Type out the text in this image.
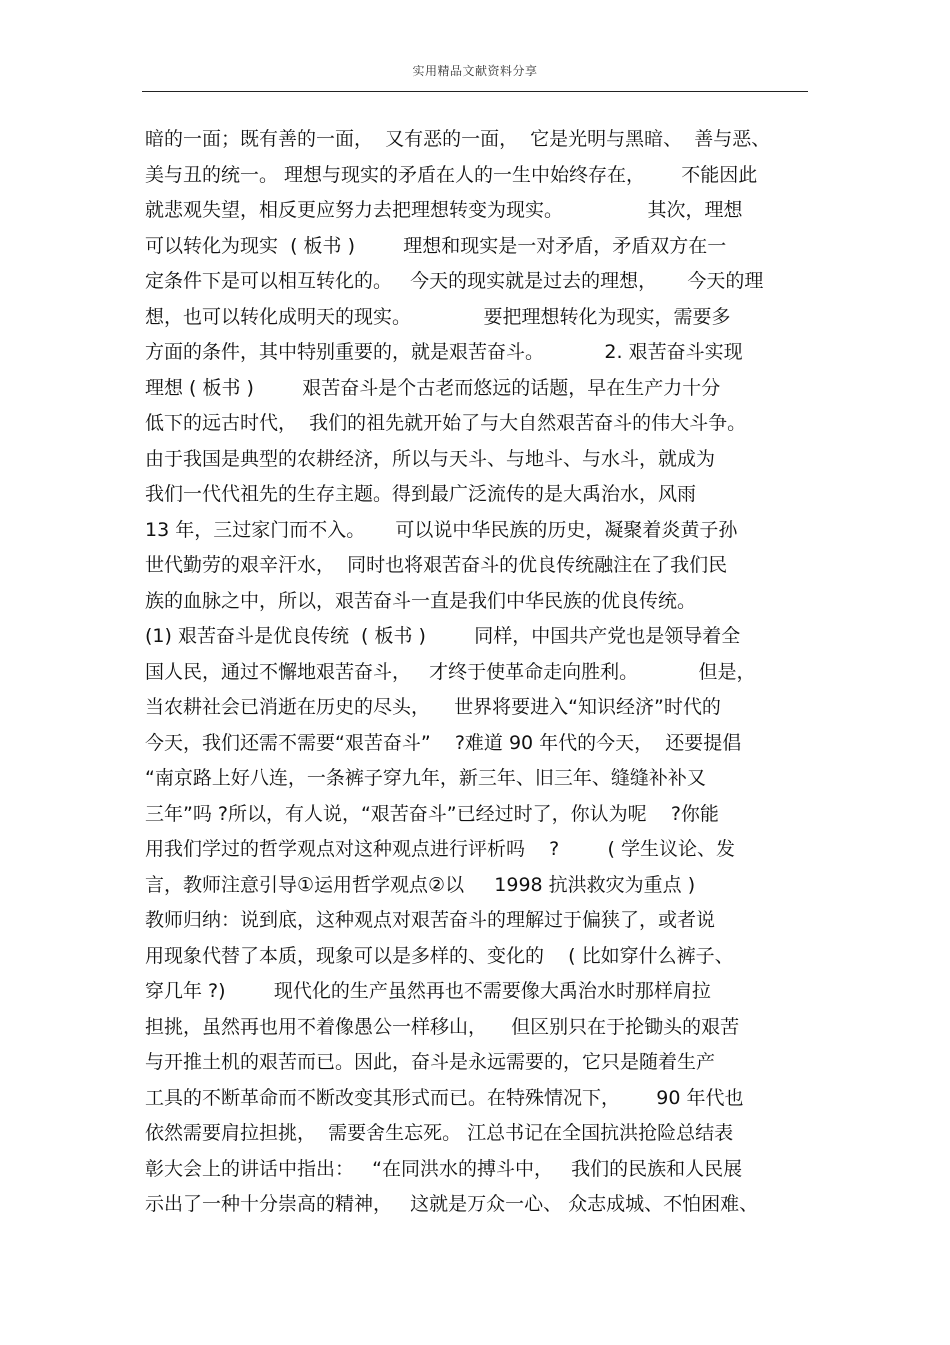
实用精品文献资料分享
暗的一面；既有善的一面，  又有恶的一面，  它是光明与黑暗、  善与恶、
美与丑的统一。 理想与现实的矛盾在人的一生中始终存在，      不能因此
就悲观失望，相反更应努力去把理想转变为现实。              其次，理想
可以转化为现实  ( 板书 )        理想和现实是一对矛盾，矛盾双方在一
定条件下是可以相互转化的。   今天的现实就是过去的理想，     今天的理
想，也可以转化成明天的现实。            要把理想转化为现实，需要多
方面的条件，其中特别重要的，就是艰苦奋斗。          2. 艰苦奋斗实现
理想 ( 板书 )        艰苦奋斗是个古老而悠远的话题，早在生产力十分
低下的远古时代，  我们的祖先就开始了与大自然艰苦奋斗的伟大斗争。
由于我国是典型的农耕经济，所以与天斗、与地斗、与水斗，就成为
我们一代代祖先的生存主题。得到最广泛流传的是大禹治水，风雨
13 年，三过家门而不入。     可以说中华民族的历史，凝聚着炎黄子孙
世代勤劳的艰辛汗水，  同时也将艰苦奋斗的优良传统融注在了我们民
族的血脉之中，所以，艰苦奋斗一直是我们中华民族的优良传统。
(1) 艰苦奋斗是优良传统  ( 板书 )        同样，中国共产党也是领导着全
国人民，通过不懈地艰苦奋斗，   才终于使革命走向胜利。          但是，
当农耕社会已消逝在历史的尽头，    世界将要进入“知识经济”时代的
今天，我们还需不需要“艰苦奋斗”    ?难道 90 年代的今天，  还要提倡
“南京路上好八连，一条裤子穿九年，新三年、旧三年、缝缝补补又
三年”吗 ?所以，有人说，“艰苦奋斗”已经过时了，你认为呢    ?你能
用我们学过的哲学观点对这种观点进行评析吗    ?        ( 学生议论、发
言，教师注意引导①运用哲学观点②以     1998 抗洪救灾为重点 )
教师归纳：说到底，这种观点对艰苦奋斗的理解过于偏狭了，或者说
用现象代替了本质，现象可以是多样的、变化的    ( 比如穿什么裤子、
穿几年 ?)        现代化的生产虽然再也不需要像大禹治水时那样肩拉
担挑，虽然再也用不着像愚公一样移山，    但区别只在于抡锄头的艰苦
与开推土机的艰苦而已。因此，奋斗是永远需要的，它只是随着生产
工具的不断革命而不断改变其形式而已。在特殊情况下，      90 年代也
依然需要肩拉担挑，  需要舍生忘死。 江总书记在全国抗洪抢险总结表
彰大会上的讲话中指出：   “在同洪水的搏斗中，   我们的民族和人民展
示出了一种十分崇高的精神，   这就是万众一心、 众志成城、不怕困难、
